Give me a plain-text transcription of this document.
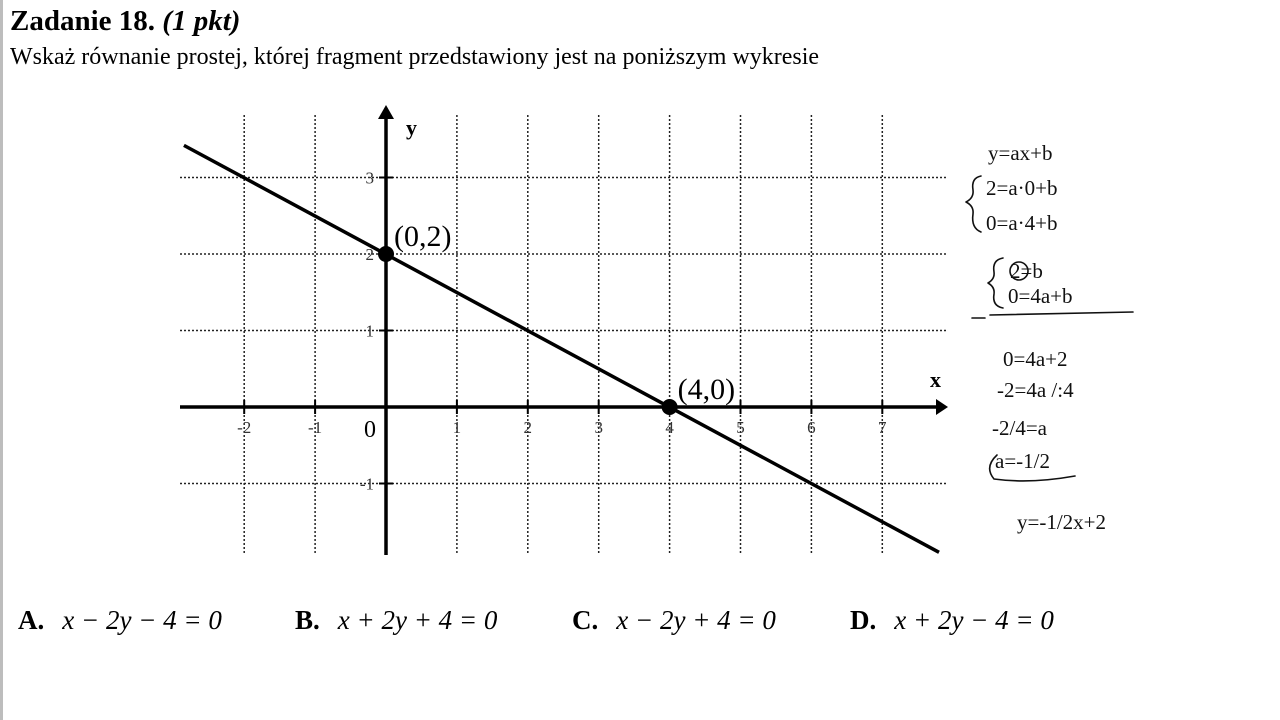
Zadanie 18. (1 pkt)
Wskaż równanie prostej, której fragment przedstawiony jest na poniższym wykresie
x
y
0
-2	-1	1	2	3	4	5	6	7
-1
1
2
3
(0,2)
(4,0)
y=ax+b
2=a·0+b
0=a·4+b
2=b
0=4a+b
0=4a+2
-2=4a /:4
-2/4=a
a=-1/2
y=-1/2x+2
A. x − 2y − 4 = 0	B. x + 2y + 4 = 0	C. x − 2y + 4 = 0	D. x + 2y − 4 = 0
